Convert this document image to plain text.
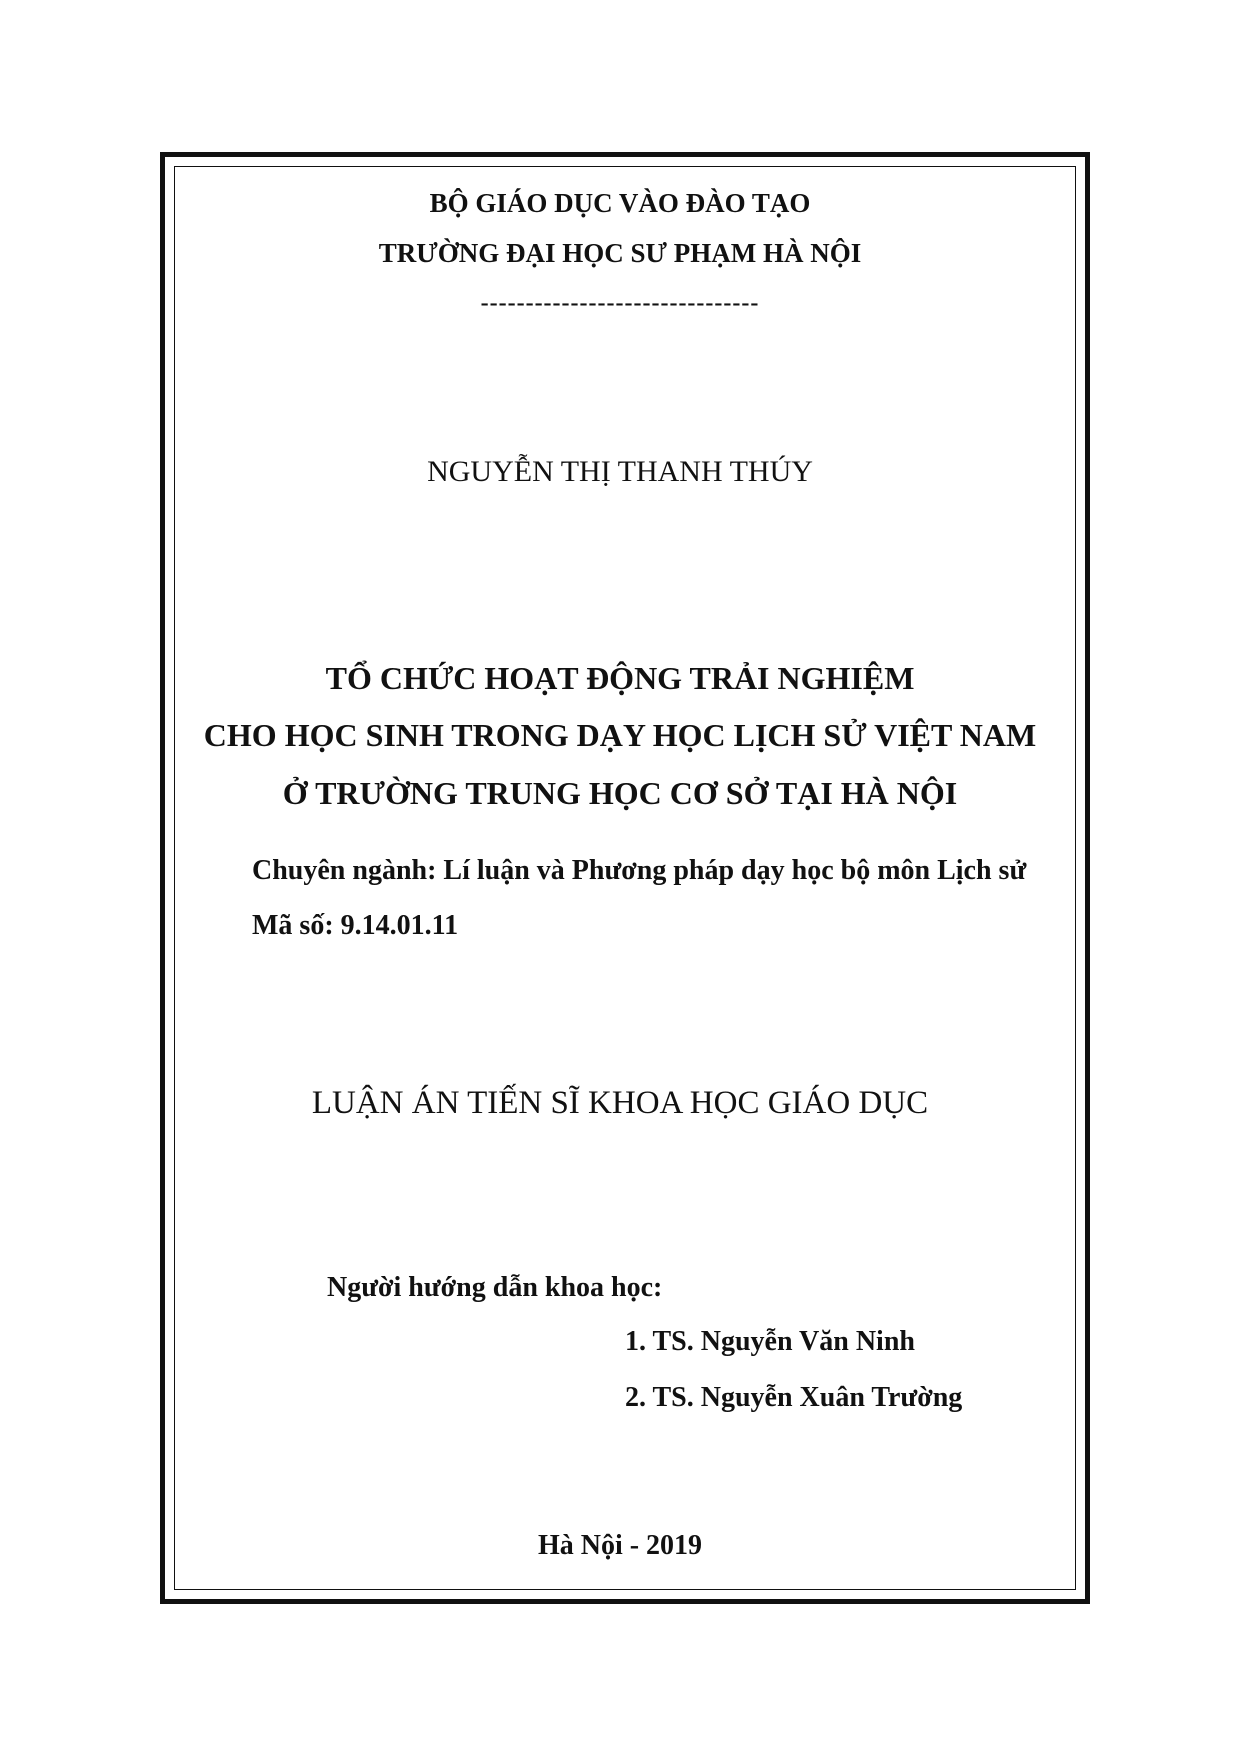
BỘ GIÁO DỤC VÀO ĐÀO TẠO
TRƯỜNG ĐẠI HỌC SƯ PHẠM HÀ NỘI
-------------------------------
NGUYỄN THỊ THANH THÚY
TỔ CHỨC HOẠT ĐỘNG TRẢI NGHIỆM
CHO HỌC SINH TRONG DẠY HỌC LỊCH SỬ VIỆT NAM
Ở TRƯỜNG TRUNG HỌC CƠ SỞ TẠI HÀ NỘI
Chuyên ngành: Lí luận và Phương pháp dạy học bộ môn Lịch sử
Mã số: 9.14.01.11
LUẬN ÁN TIẾN SĨ KHOA HỌC GIÁO DỤC
Người hướng dẫn khoa học:
1. TS. Nguyễn Văn Ninh
2. TS. Nguyễn Xuân Trường
Hà Nội - 2019
